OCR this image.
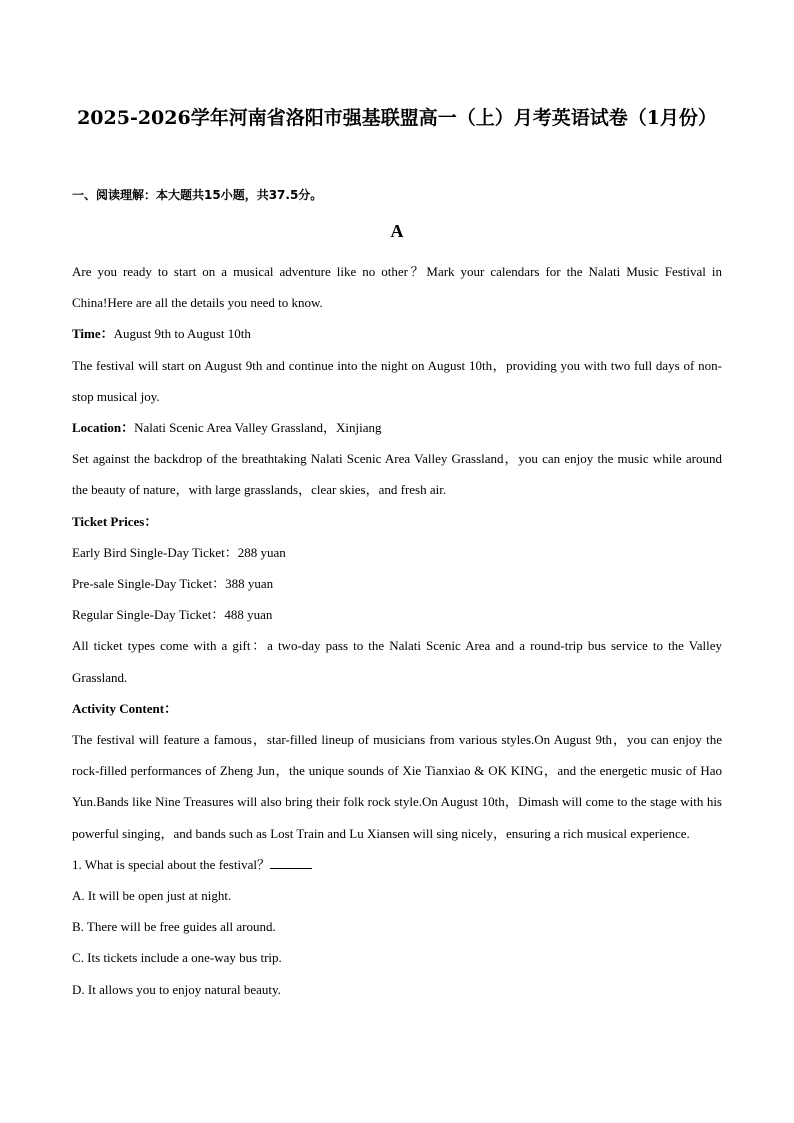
2025-2026学年河南省洛阳市强基联盟高一（上）月考英语试卷（1月份）
一、阅读理解：本大题共15小题，共37.5分。
A

Are you ready to start on a musical adventure like no other？Mark your calendars for the Nalati Music Festival in China!Here are all the details you need to know.

Time：August 9th to August 10th

The festival will start on August 9th and continue into the night on August 10th，providing you with two full days of non-stop musical joy.

Location：Nalati Scenic Area Valley Grassland，Xinjiang

Set against the backdrop of the breathtaking Nalati Scenic Area Valley Grassland，you can enjoy the music while around the beauty of nature，with large grasslands，clear skies，and fresh air.

Ticket Prices：

Early Bird Single-Day Ticket：288 yuan

Pre-sale Single-Day Ticket：388 yuan

Regular Single-Day Ticket：488 yuan

All ticket types come with a gift：a two-day pass to the Nalati Scenic Area and a round-trip bus service to the Valley Grassland.

Activity Content：

The festival will feature a famous，star-filled lineup of musicians from various styles.On August 9th，you can enjoy the rock-filled performances of Zheng Jun，the unique sounds of Xie Tianxiao & OK KING，and the energetic music of Hao Yun.Bands like Nine Treasures will also bring their folk rock style.On August 10th，Dimash will come to the stage with his powerful singing，and bands such as Lost Train and Lu Xiansen will sing nicely，ensuring a rich musical experience.

1. What is special about the festival？

A. It will be open just at night.

B. There will be free guides all around.

C. Its tickets include a one-way bus trip.

D. It allows you to enjoy natural beauty.
